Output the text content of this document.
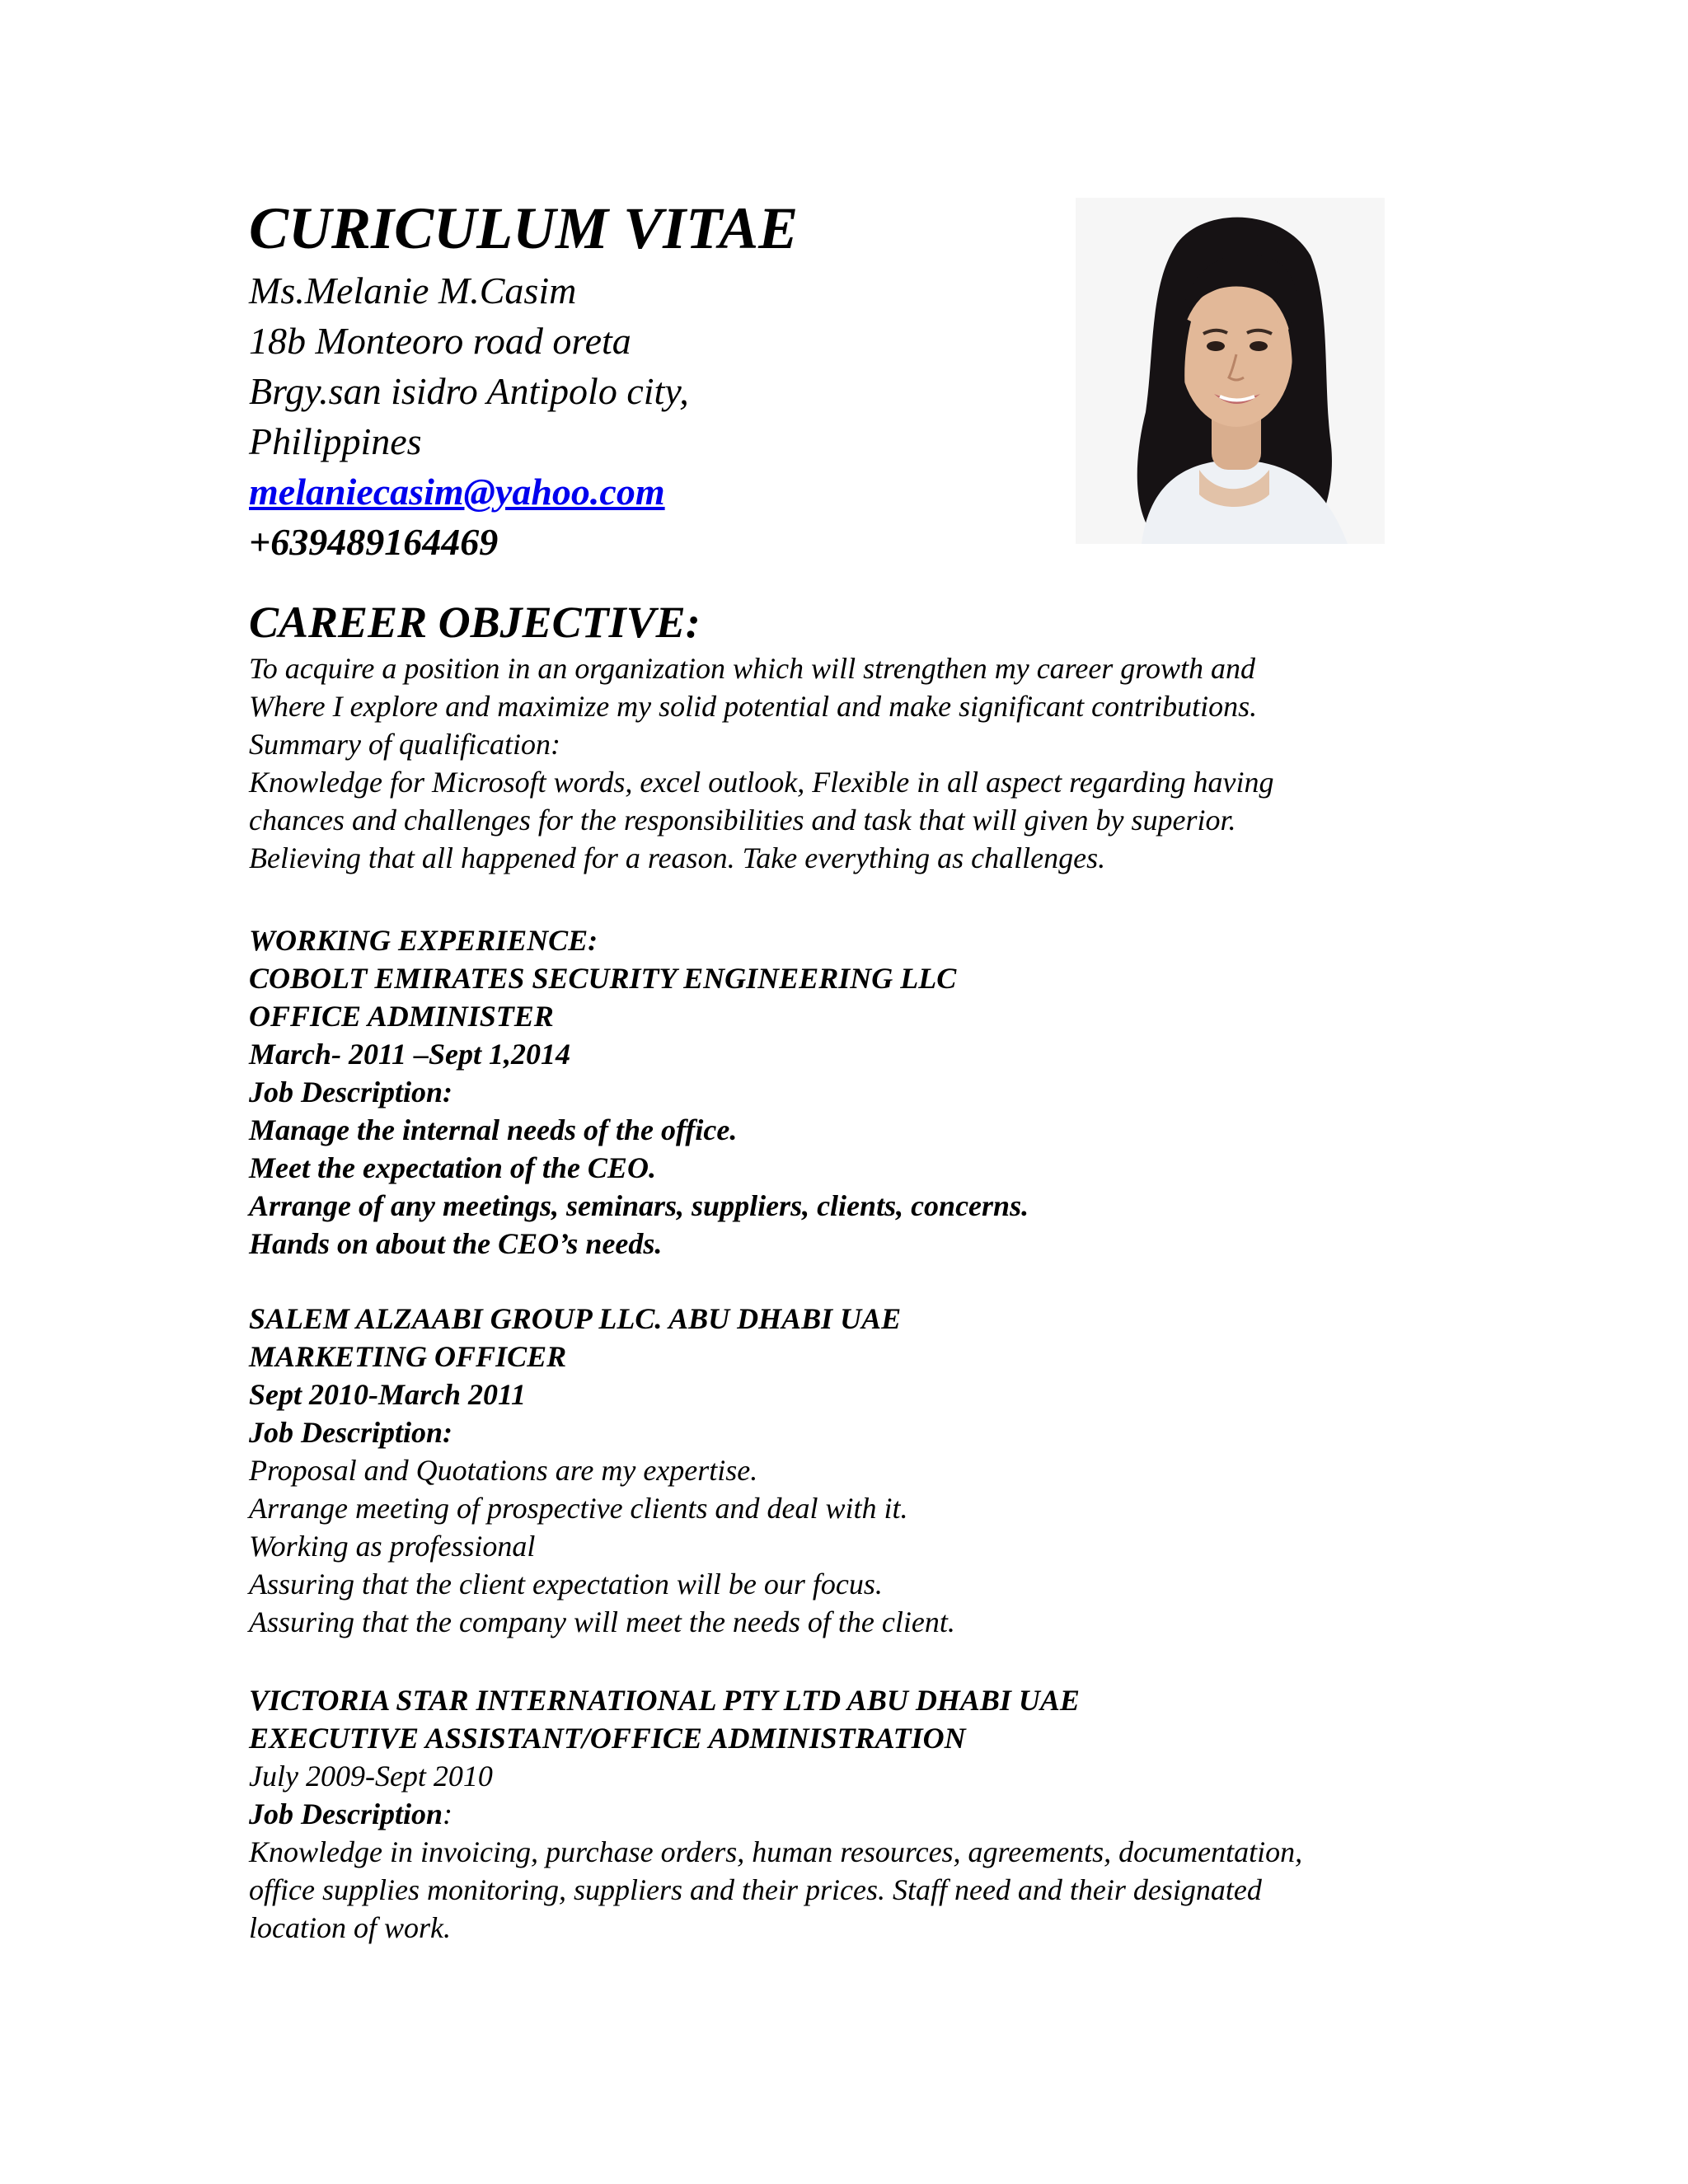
CURICULUM VITAE
Ms.Melanie M.Casim
18b Monteoro road oreta
Brgy.san isidro Antipolo city,
Philippines
melaniecasim@yahoo.com
+639489164469
CAREER OBJECTIVE:
To acquire a position in an organization which will strengthen my career growth and
Where I explore and maximize my solid potential and make significant contributions.
Summary of qualification:
Knowledge for Microsoft words, excel outlook, Flexible in all aspect regarding having
chances and challenges for the responsibilities and task that will given by superior.
Believing that all happened for a reason. Take everything as challenges.
WORKING EXPERIENCE:
COBOLT EMIRATES SECURITY ENGINEERING LLC
OFFICE ADMINISTER
March- 2011 –Sept 1,2014
Job Description:
Manage the internal needs of the office.
Meet the expectation of the CEO.
Arrange of any meetings, seminars, suppliers, clients, concerns.
Hands on about the CEO’s needs.
SALEM ALZAABI GROUP LLC. ABU DHABI UAE
MARKETING OFFICER
Sept 2010-March 2011
Job Description:
Proposal and Quotations are my expertise.
Arrange meeting of prospective clients and deal with it.
Working as professional
Assuring that the client expectation will be our focus.
Assuring that the company will meet the needs of the client.
VICTORIA STAR INTERNATIONAL PTY LTD ABU DHABI UAE
EXECUTIVE ASSISTANT/OFFICE ADMINISTRATION
July 2009-Sept 2010
Job Description:
Knowledge in invoicing, purchase orders, human resources, agreements, documentation,
office supplies monitoring, suppliers and their prices. Staff need and their designated
location of work.
